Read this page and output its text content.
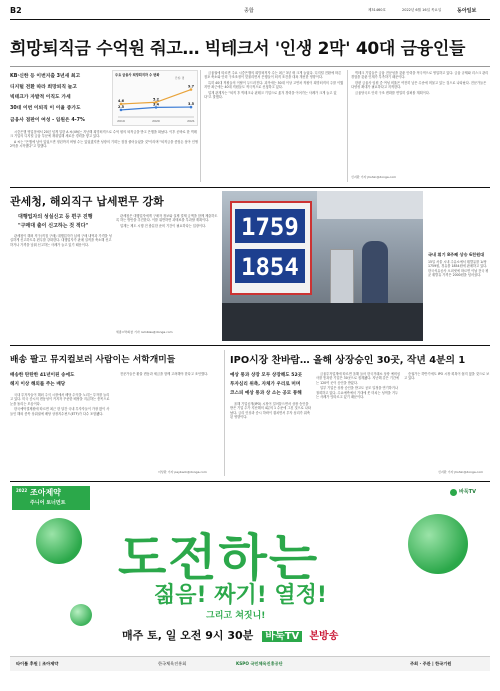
B2	종합	제31460호	2022년 6월 16일 목요일	동아일보
희망퇴직금 수억원 줘고… 빅테크서 '인생 2막' 40대 금융인들
KB·신한 등 이번지출 3년새 최고
디지털 전환 따라 희망퇴직 늘고
빅테크가 자발적 이직도 가세
30대 이번 이퇴직 이 이율 증가도
금융사 점판이 여성 - 임원은 4-7%
주요 금융사 희망퇴직자 수 변화
단위: 명
4.6	5.2
9.7
2.5
3.4	3.5
2019	2020	2021

시중은행 영업점에서 20년 넘게 일한 A 씨(49)는 지난해 희망퇴직으로 수억 원의 퇴직금을 받고 은행을 떠났다. 이후 곧바로 한 빅테크 기업의 디지털 금융 부문에 재취업해 새로운 경력을 쌓고 있다.

A 씨는 "은행에 남아 있었으면 정년까지 버틸 수는 있었겠지만 성장의 기회는 점점 줄어들었을 것"이라며 "퇴직금을 종잣돈 삼아 인생 2막을 시작했다"고 말했다.

금융권에 따르면 주요 시중은행의 희망퇴직자 수는 최근 3년 새 크게 늘었다. 디지털 전환에 따른 점포 축소와 인력 구조조정이 맞물리면서 은행들이 퇴직 조건을 대폭 개선한 영향이다.

특히 40대 직원들의 이탈이 두드러진다. 과거에는 50대 이상 고연차 직원이 희망퇴직의 주를 이뤘지만 최근에는 40대 직원들도 적극적으로 신청하고 있다.

업계 관계자는 "퇴직 후 빅테크나 핀테크 기업으로 옮겨 경력을 이어가는 사례가 크게 늘고 있다"고 말했다.

빅테크 기업들은 금융 전문성을 갖춘 인력을 적극적으로 영입하고 있다. 금융 규제와 리스크 관리 경험을 갖춘 인재가 부족하기 때문이다.

한편 금융사 임원 중 여성 비율은 여전히 낮은 수준에 머물고 있는 것으로 나타났다. 전문가들은 다양성 확대가 필요하다고 지적한다.

금융당국도 인력 구조 변화를 면밀히 살펴볼 계획이다.

신지환 기자 jhshin@donga.com
관세청, 해외직구 납세편무 강화
대행업자의 성실신고 등 편구 진행
"구매대 출이 신고하는 것 적다"

관세청이 해외 직구(직접 구매) 대행업자가 납세 구매 내역과 가격을 성실하게 신고하도록 편무를 강화한다. 대행업자가 판매 실적을 축소해 신고하거나 가격을 낮춰 신고하는 사례가 늘고 있기 때문이다.

관세청은 대행업자에게 구매자 정보와 실제 결제 금액을 함께 제출하도록 하는 방안을 추진한다. 이를 위반하면 과태료를 부과할 계획이다.

업계는 제도 시행 전 충분한 준비 기간이 필요하다는 입장이다.

세종=박희창 기자 ramblas@donga.com
1759
1854	국내 휘기 8주째 상승 6천원대
15일 서울 시내 주유소에서 휘발유를 1ℓ당 1759원, 경유를 1854원에 판매하고 있다. 한국석유공사 오피넷에 따르면 이날 전국 평균 휘발유 가격은 2000원을 넘어섰다.
배송 팔고 뮤지컬보러 사람이는 서학개미들
배송한 탄탄한 41년이된 송에도
헤지 이상 해외를 주는 배당

국내 투자자들이 해외 주식 시장에서 배당 수익을 노리는 투자를 늘리고 있다. 미국 증시의 변동성이 커지자 꾸준한 배당을 지급하는 종목으로 눈을 돌리는 모습이다.

한국예탁결제원에 따르면 최근 한 달간 국내 투자자들이 가장 많이 사들인 해외 종목 상위권에 배당 상장지수펀드(ETF)가 다수 포함됐다.

전문가들은 환율 변동과 세금을 함께 고려해야 한다고 조언했다.

이상환 기자 payback@donga.com
IPO시장 찬바람… 올해 상장승인 30곳, 작년 4분의 1
예상 통과 상장 모두 상장해도 52곳
투자심리 위축, 자체가 우리로 머며
코스피 예상 통과 상 소는 공모 통해

올해 기업공개(IPO) 시장이 얼어붙으면서 상장 승인을 받은 기업 수가 지난해의 4분의 1 수준에 그친 것으로 나타났다. 금리 인상과 증시 하락이 겹치면서 투자 심리가 위축된 영향이다.

금융투자업계에 따르면 올해 들어 한국거래소 상장 예비심사를 통과한 기업은 30곳으로 집계됐다. 지난해 같은 기간에는 120여 곳이 승인을 받았다.

일부 기업은 상장 승인을 받고도 공모 일정을 연기하거나 철회하고 있다. 수요예측에서 기대에 못 미치는 성적을 거두는 사례가 잇따르고 있기 때문이다.

증권가는 하반기에도 IPO 시장 회복이 쉽지 않을 것으로 보고 있다.

신지환 기자 jhshin@donga.com
2022 조아제약
주니어 토너먼트
바둑TV
도전하는
젊음! 짜기! 열정!
그리고 쳐짓니!
매주 토, 일 오전 9시 30분 바둑TV 본방송
타이틀 후원 | 조아제약	한국체육진흥회	KSPO 국민체육진흥공단	주최 · 주관 | 한국기원
